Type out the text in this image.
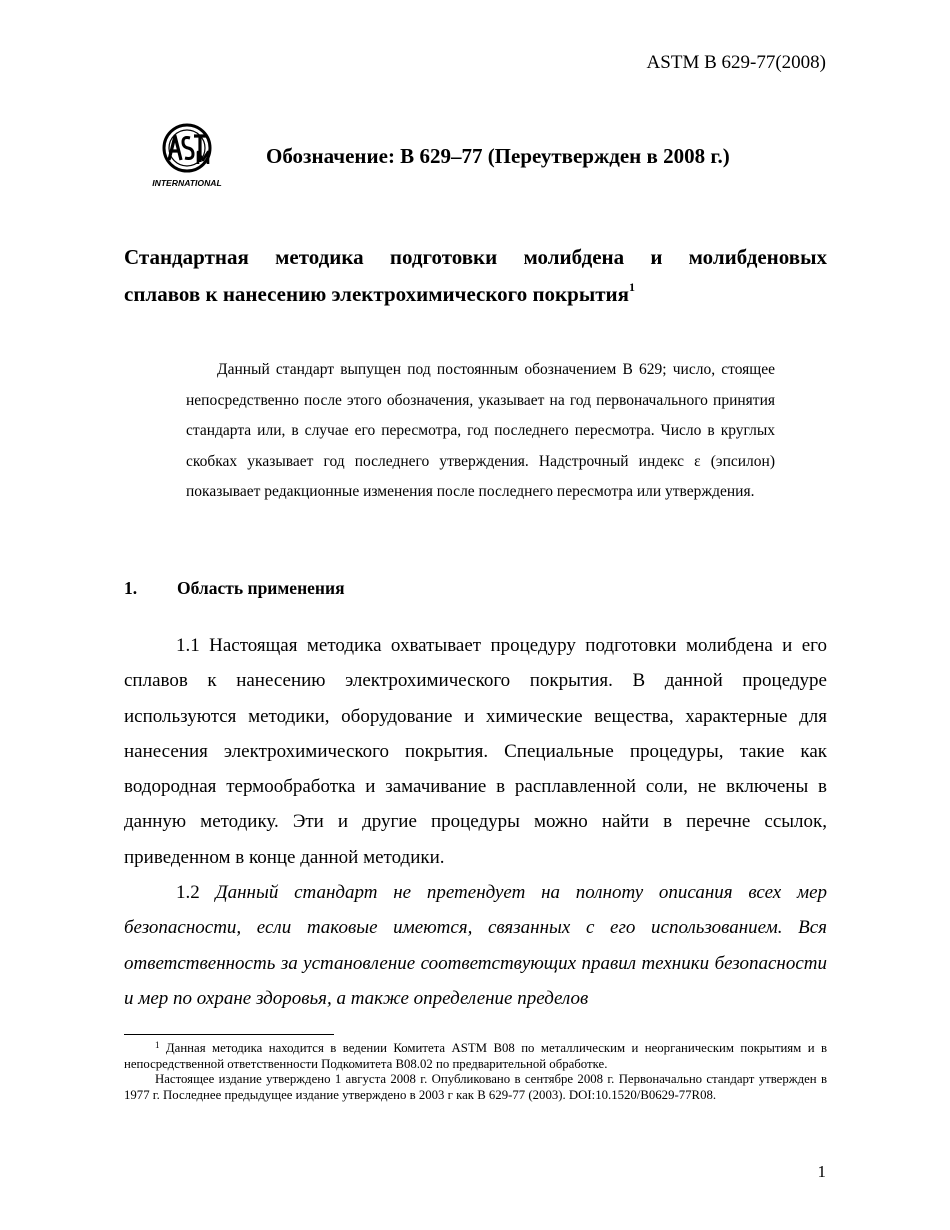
ASTM B 629-77(2008)
INTERNATIONAL
Обозначение: B 629–77 (Переутвержден в 2008 г.)
Стандартная методика подготовки молибдена и молибденовых
сплавов к нанесению электрохимического покрытия$^1$
Данный стандарт выпущен под постоянным обозначением B 629; число, стоящее непосредственно после этого обозначения, указывает на год первоначального принятия стандарта или, в случае его пересмотра, год последнего пересмотра. Число в круглых скобках указывает год последнего утверждения. Надстрочный индекс ε (эпсилон) показывает редакционные изменения после последнего пересмотра или утверждения.
1. Область применения

1.1 Настоящая методика охватывает процедуру подготовки молибдена и его сплавов к нанесению электрохимического покрытия. В данной процедуре используются методики, оборудование и химические вещества, характерные для нанесения электрохимического покрытия. Специальные процедуры, такие как водородная термообработка и замачивание в расплавленной соли, не включены в данную методику. Эти и другие процедуры можно найти в перечне ссылок, приведенном в конце данной методики.

1.2 Данный стандарт не претендует на полноту описания всех мер безопасности, если таковые имеются, связанных с его использованием. Вся ответственность за установление соответствующих правил техники безопасности и мер по охране здоровья, а также определение пределов

$^1$ Данная методика находится в ведении Комитета ASTM B08 по металлическим и неорганическим покрытиям и в непосредственной ответственности Подкомитета B08.02 по предварительной обработке.

Настоящее издание утверждено 1 августа 2008 г. Опубликовано в сентябре 2008 г. Первоначально стандарт утвержден в 1977 г. Последнее предыдущее издание утверждено в 2003 г как B 629-77 (2003). DOI:10.1520/B0629-77R08.

1
